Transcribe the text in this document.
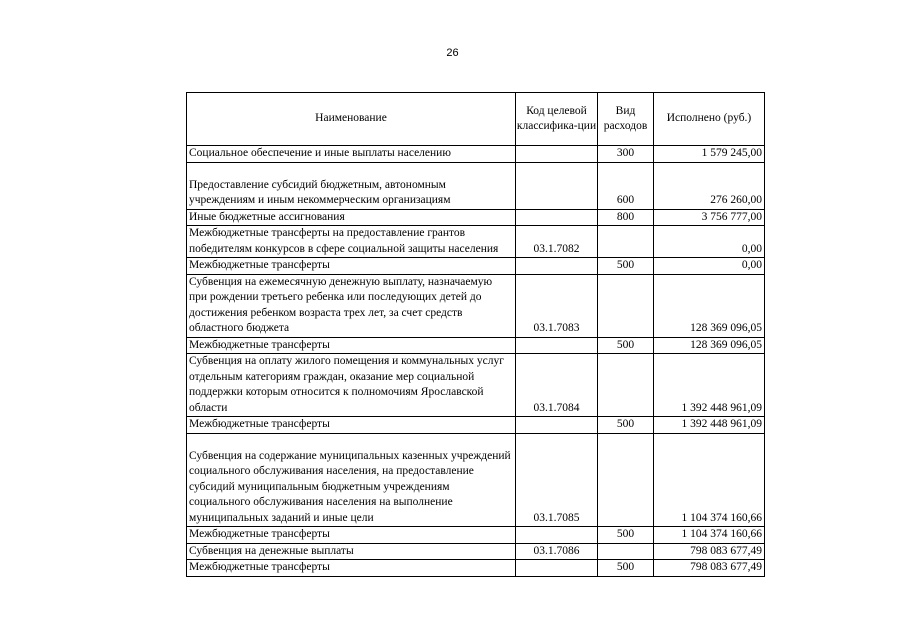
26
Наименование	Код целевой классифика-ции	Вид расходов	Исполнено (руб.)
Социальное обеспечение и иные выплаты населению		300	1 579 245,00
Предоставление субсидий бюджетным, автономным учреждениям и иным некоммерческим организациям		600	276 260,00
Иные бюджетные ассигнования		800	3 756 777,00
Межбюджетные трансферты на предоставление грантов победителям конкурсов в сфере социальной защиты населения	03.1.7082		0,00
Межбюджетные трансферты		500	0,00
Субвенция на ежемесячную денежную выплату, назначаемую при рождении третьего ребенка или последующих детей до достижения ребенком возраста трех лет, за счет средств областного бюджета	03.1.7083		128 369 096,05
Межбюджетные трансферты		500	128 369 096,05
Субвенция на оплату жилого помещения и коммунальных услуг отдельным категориям граждан, оказание мер социальной поддержки которым относится к полномочиям Ярославской области	03.1.7084		1 392 448 961,09
Межбюджетные трансферты		500	1 392 448 961,09
Субвенция на содержание муниципальных казенных учреждений социального обслуживания населения, на предоставление субсидий муниципальным бюджетным учреждениям социального обслуживания населения на выполнение муниципальных заданий и иные цели	03.1.7085		1 104 374 160,66
Межбюджетные трансферты		500	1 104 374 160,66
Субвенция на денежные выплаты	03.1.7086		798 083 677,49
Межбюджетные трансферты		500	798 083 677,49
